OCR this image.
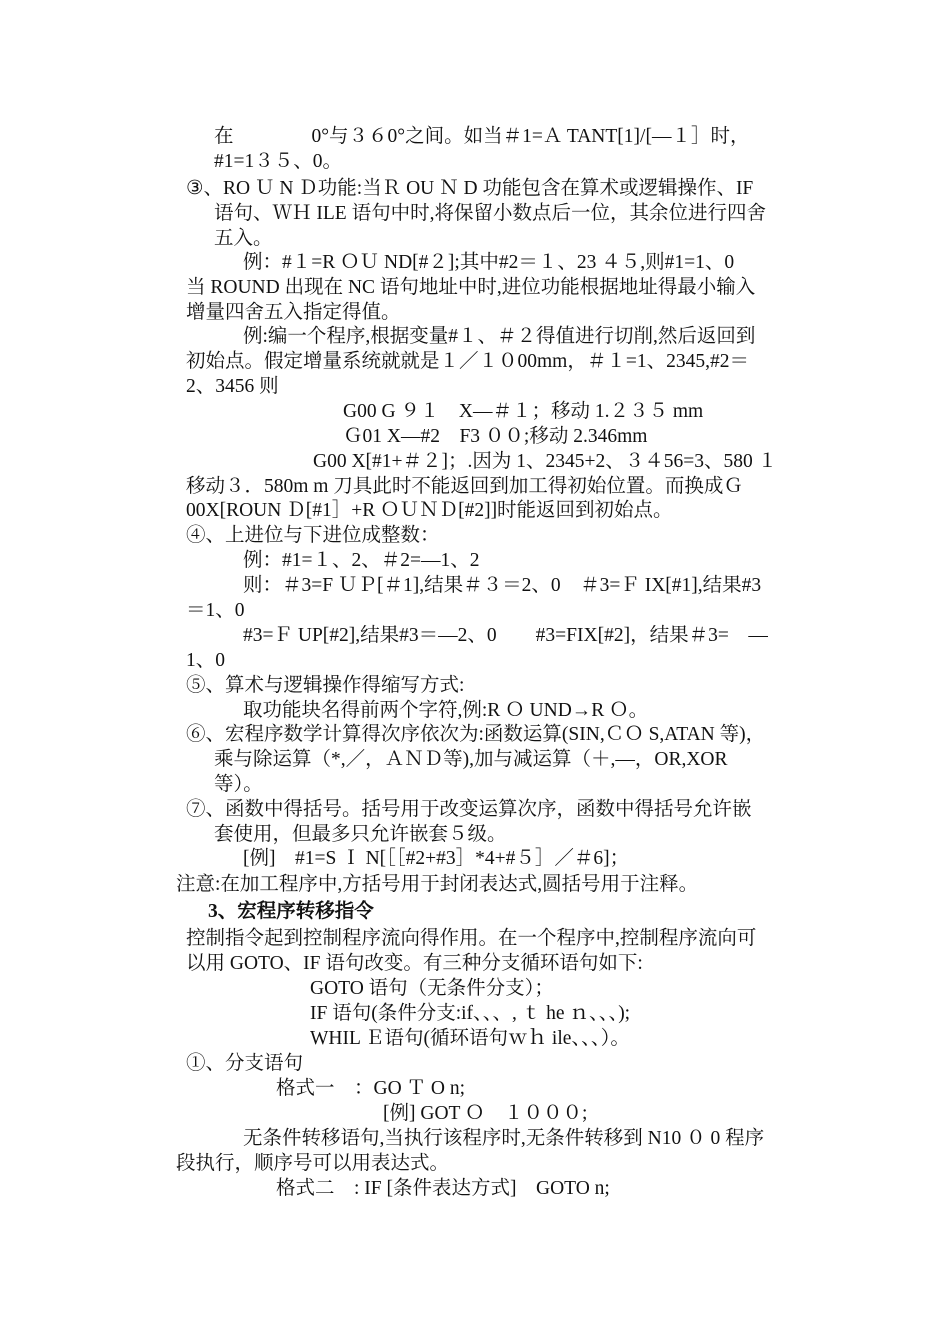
在　　　　0°与３６0°之间。如当＃1=Ａ TANT[1]/[—１］时，
#1=1３５、0。
③、RO Ｕ N Ｄ功能:当Ｒ OU Ｎ D 功能包含在算术或逻辑操作、IF
语句、ＷＨ ILE 语句中时,将保留小数点后一位，其余位进行四舍
五入。
例：#１=R ＯＵ ND[#２];其中#2＝１、23 ４５,则#1=1、0
当 ROUND 出现在 NC 语句地址中时,进位功能根据地址得最小输入
增量四舍五入指定得值。
例:编一个程序,根据变量#１、＃２得值进行切削,然后返回到
初始点。假定增量系统就就是１／１０00mm，＃１=1、2345,#2＝
2、3456 则
G00 G ９１　X—＃１；移动 1.２３５ mm
Ｇ01 X—#2　F3 ００;移动 2.346mm
G00 X[#1+＃２]；.因为 1、2345+2、３４56=3、580 １
移动３．580m m 刀具此时不能返回到加工得初始位置。而换成Ｇ
00X[ROUN Ｄ[#1］+R ＯＵＮＤ[#2]]时能返回到初始点。
④、上进位与下进位成整数：
例：#1=１、2、＃2=—1、2
则：＃3=F ＵＰ[＃1],结果＃３＝2、0　＃3=Ｆ IX[#1],结果#3
＝1、0
#3=Ｆ UP[#2],结果#3＝—2、0　　#3=FIX[#2]，结果＃3=　—
1、0
⑤、算术与逻辑操作得缩写方式:
取功能块名得前两个字符,例:R Ｏ UND→R Ｏ。
⑥、宏程序数学计算得次序依次为:函数运算(SIN,ＣＯ S,ATAN 等)，
乘与除运算（*,／，ＡＮＤ等),加与减运算（＋,—，OR,XOR
等）。
⑦、函数中得括号。括号用于改变运算次序，函数中得括号允许嵌
套使用，但最多只允许嵌套５级。
[例]　#1=S Ｉ N[［［#2+#3］*4+#５］／＃6]；
注意:在加工程序中,方括号用于封闭表达式,圆括号用于注释。
3、宏程序转移指令
控制指令起到控制程序流向得作用。在一个程序中,控制程序流向可
以用 GOTO、IF 语句改变。有三种分支循环语句如下:
GOTO 语句（无条件分支）；
IF 语句(条件分支:if、、、, ｔ he ｎ、、、);
WHIL Ｅ语句(循环语句ｗｈ ile、、、）。
①、分支语句
格式一　：GO Ｔ O n;
[例] GOT Ｏ　１０００;
无条件转移语句,当执行该程序时,无条件转移到 N10 ０ 0 程序
段执行，顺序号可以用表达式。
格式二　: IF [条件表达方式]　GOTO n;
